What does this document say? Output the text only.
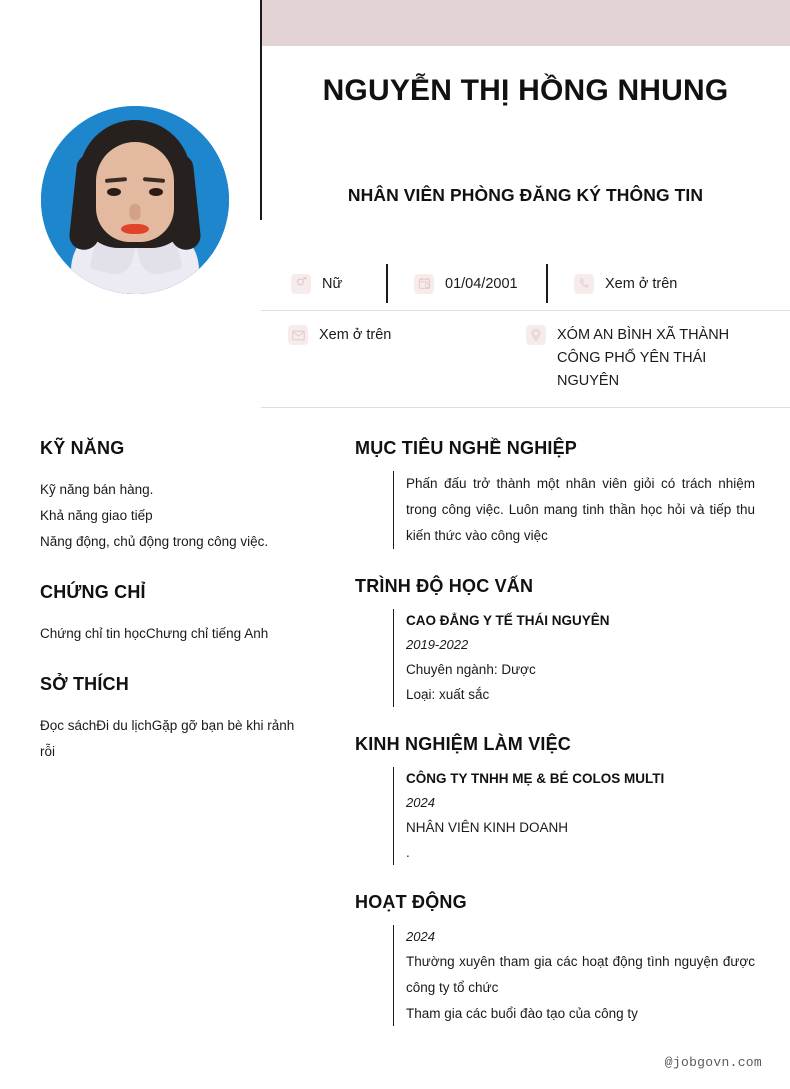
NGUYỄN THỊ HỒNG NHUNG
NHÂN VIÊN PHÒNG ĐĂNG KÝ THÔNG TIN
Nữ	01/04/2001	Xem ở trên
Xem ở trên	XÓM AN BÌNH XÃ THÀNH CÔNG PHỔ YÊN THÁI NGUYÊN
KỸ NĂNG
Kỹ năng bán hàng.
Khả năng giao tiếp
Năng động, chủ động trong công việc.
CHỨNG CHỈ
Chứng chỉ tin họcChưng chỉ tiếng Anh
SỞ THÍCH
Đọc sáchĐi du lịchGặp gỡ bạn bè khi rảnh rỗi
MỤC TIÊU NGHỀ NGHIỆP
Phấn đấu trở thành một nhân viên giỏi có trách nhiệm trong công việc. Luôn mang tinh thần học hỏi và tiếp thu kiến thức vào công việc
TRÌNH ĐỘ HỌC VẤN
CAO ĐẲNG Y TẾ THÁI NGUYÊN
2019-2022
Chuyên ngành: Dược
Loại: xuất sắc
KINH NGHIỆM LÀM VIỆC
CÔNG TY TNHH MẸ & BÉ COLOS MULTI
2024
NHÂN VIÊN KINH DOANH
.
HOẠT ĐỘNG
2024
Thường xuyên tham gia các hoạt động tình nguyện được công ty tổ chức
Tham gia các buổi đào tạo của công ty
@jobgovn.com
